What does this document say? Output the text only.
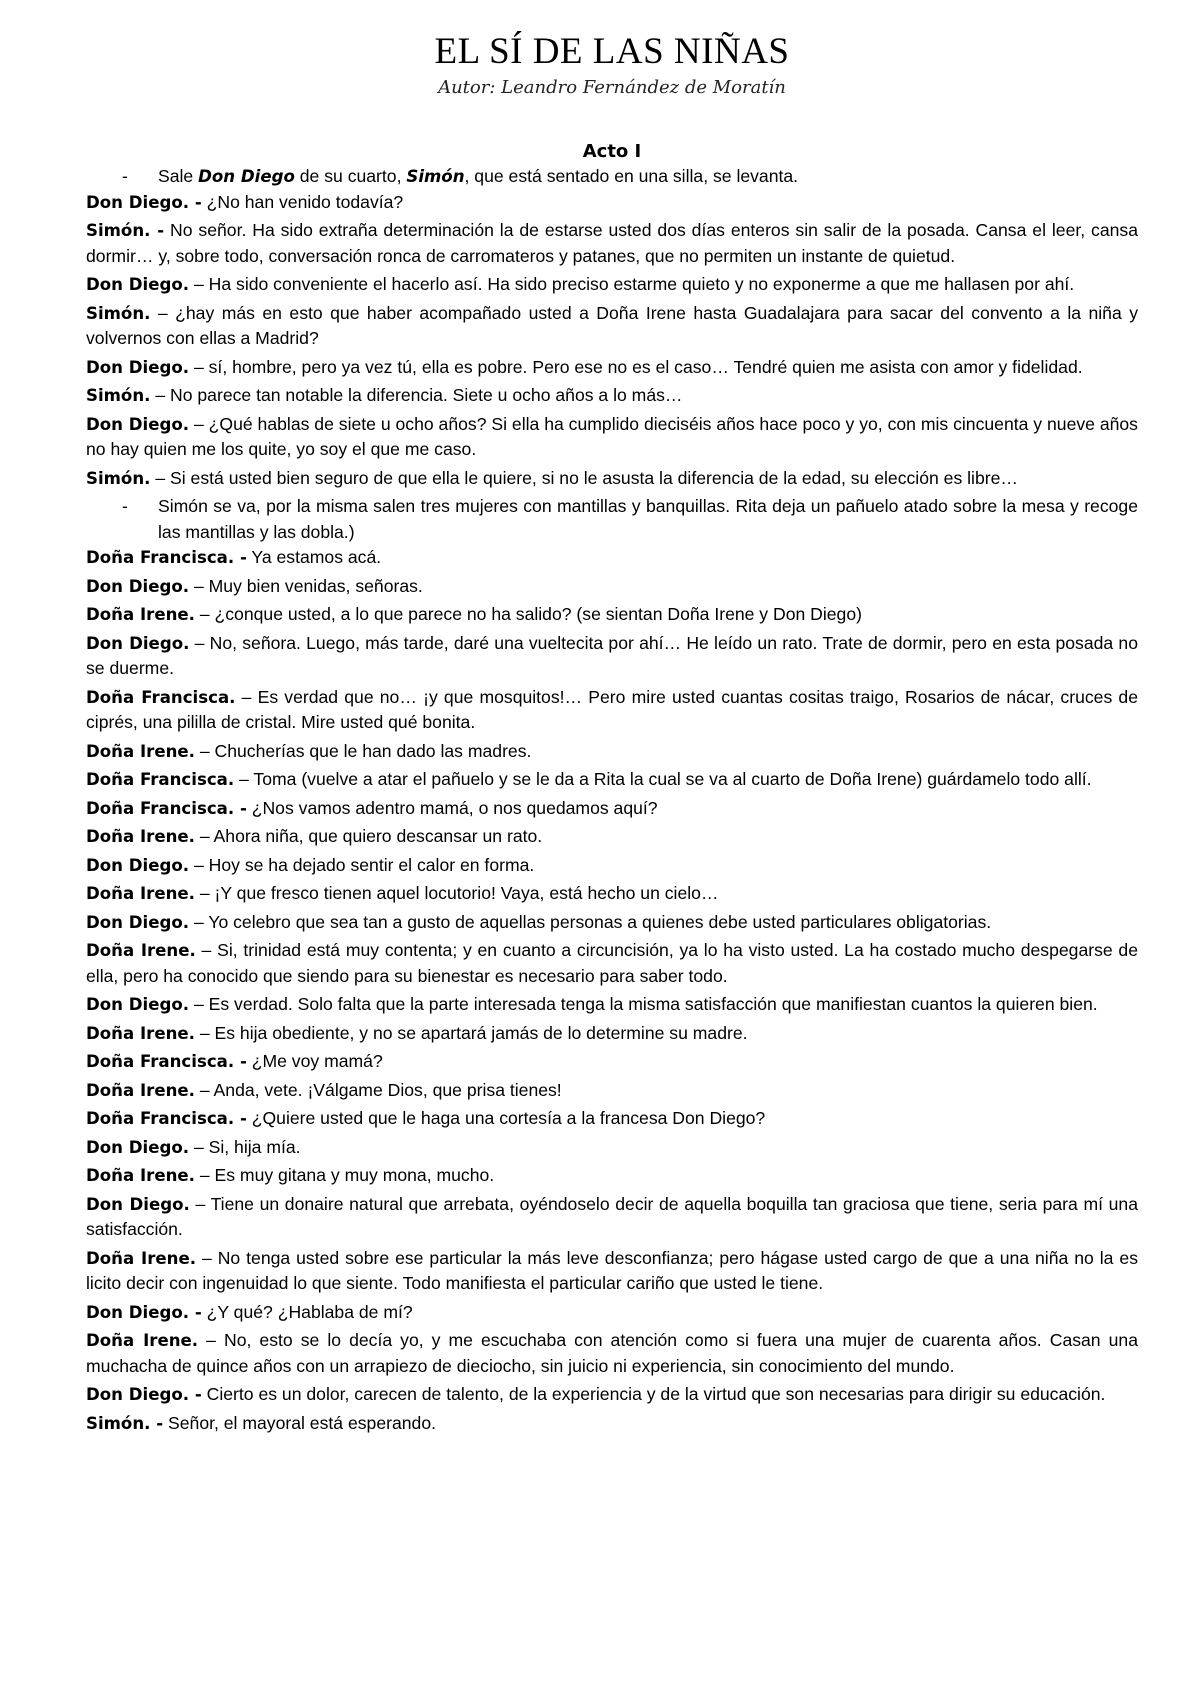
EL SÍ DE LAS NIÑAS

Autor: Leandro Fernández de Moratín

Acto I

-	Sale Don Diego de su cuarto, Simón, que está sentado en una silla, se levanta.

Don Diego. - ¿No han venido todavía?

Simón. - No señor. Ha sido extraña determinación la de estarse usted dos días enteros sin salir de la posada. Cansa el leer, cansa dormir… y, sobre todo, conversación ronca de carromateros y patanes, que no permiten un instante de quietud.

Don Diego. – Ha sido conveniente el hacerlo así. Ha sido preciso estarme quieto y no exponerme a que me hallasen por ahí.

Simón. – ¿hay más en esto que haber acompañado usted a Doña Irene hasta Guadalajara para sacar del convento a la niña y volvernos con ellas a Madrid?

Don Diego. – sí, hombre, pero ya vez tú, ella es pobre. Pero ese no es el caso… Tendré quien me asista con amor y fidelidad.

Simón. – No parece tan notable la diferencia. Siete u ocho años a lo más…

Don Diego. – ¿Qué hablas de siete u ocho años? Si ella ha cumplido dieciséis años hace poco y yo, con mis cincuenta y nueve años no hay quien me los quite, yo soy el que me caso.

Simón. – Si está usted bien seguro de que ella le quiere, si no le asusta la diferencia de la edad, su elección es libre…

-	Simón se va, por la misma salen tres mujeres con mantillas y banquillas. Rita deja un pañuelo atado sobre la mesa y recoge las mantillas y las dobla.)

Doña Francisca. - Ya estamos acá.

Don Diego. – Muy bien venidas, señoras.

Doña Irene. – ¿conque usted, a lo que parece no ha salido? (se sientan Doña Irene y Don Diego)

Don Diego. – No, señora. Luego, más tarde, daré una vueltecita por ahí… He leído un rato. Trate de dormir, pero en esta posada no se duerme.

Doña Francisca. – Es verdad que no… ¡y que mosquitos!… Pero mire usted cuantas cositas traigo, Rosarios de nácar, cruces de ciprés, una pililla de cristal. Mire usted qué bonita.

Doña Irene. – Chucherías que le han dado las madres.

Doña Francisca. – Toma (vuelve a atar el pañuelo y se le da a Rita la cual se va al cuarto de Doña Irene) guárdamelo todo allí.

Doña Francisca. - ¿Nos vamos adentro mamá, o nos quedamos aquí?

Doña Irene. – Ahora niña, que quiero descansar un rato.

Don Diego. – Hoy se ha dejado sentir el calor en forma.

Doña Irene. – ¡Y que fresco tienen aquel locutorio! Vaya, está hecho un cielo…

Don Diego. – Yo celebro que sea tan a gusto de aquellas personas a quienes debe usted particulares obligatorias.

Doña Irene. – Si, trinidad está muy contenta; y en cuanto a circuncisión, ya lo ha visto usted. La ha costado mucho despegarse de ella, pero ha conocido que siendo para su bienestar es necesario para saber todo.

Don Diego. – Es verdad. Solo falta que la parte interesada tenga la misma satisfacción que manifiestan cuantos la quieren bien.

Doña Irene. – Es hija obediente, y no se apartará jamás de lo determine su madre.

Doña Francisca. - ¿Me voy mamá?

Doña Irene. – Anda, vete. ¡Válgame Dios, que prisa tienes!

Doña Francisca. - ¿Quiere usted que le haga una cortesía a la francesa Don Diego?

Don Diego. – Si, hija mía.

Doña Irene. – Es muy gitana y muy mona, mucho.

Don Diego. – Tiene un donaire natural que arrebata, oyéndoselo decir de aquella boquilla tan graciosa que tiene, seria para mí una satisfacción.

Doña Irene. – No tenga usted sobre ese particular la más leve desconfianza; pero hágase usted cargo de que a una niña no la es licito decir con ingenuidad lo que siente. Todo manifiesta el particular cariño que usted le tiene.

Don Diego. - ¿Y qué? ¿Hablaba de mí?

Doña Irene. – No, esto se lo decía yo, y me escuchaba con atención como si fuera una mujer de cuarenta años. Casan una muchacha de quince años con un arrapiezo de dieciocho, sin juicio ni experiencia, sin conocimiento del mundo.

Don Diego. - Cierto es un dolor, carecen de talento, de la experiencia y de la virtud que son necesarias para dirigir su educación.

Simón. - Señor, el mayoral está esperando.
